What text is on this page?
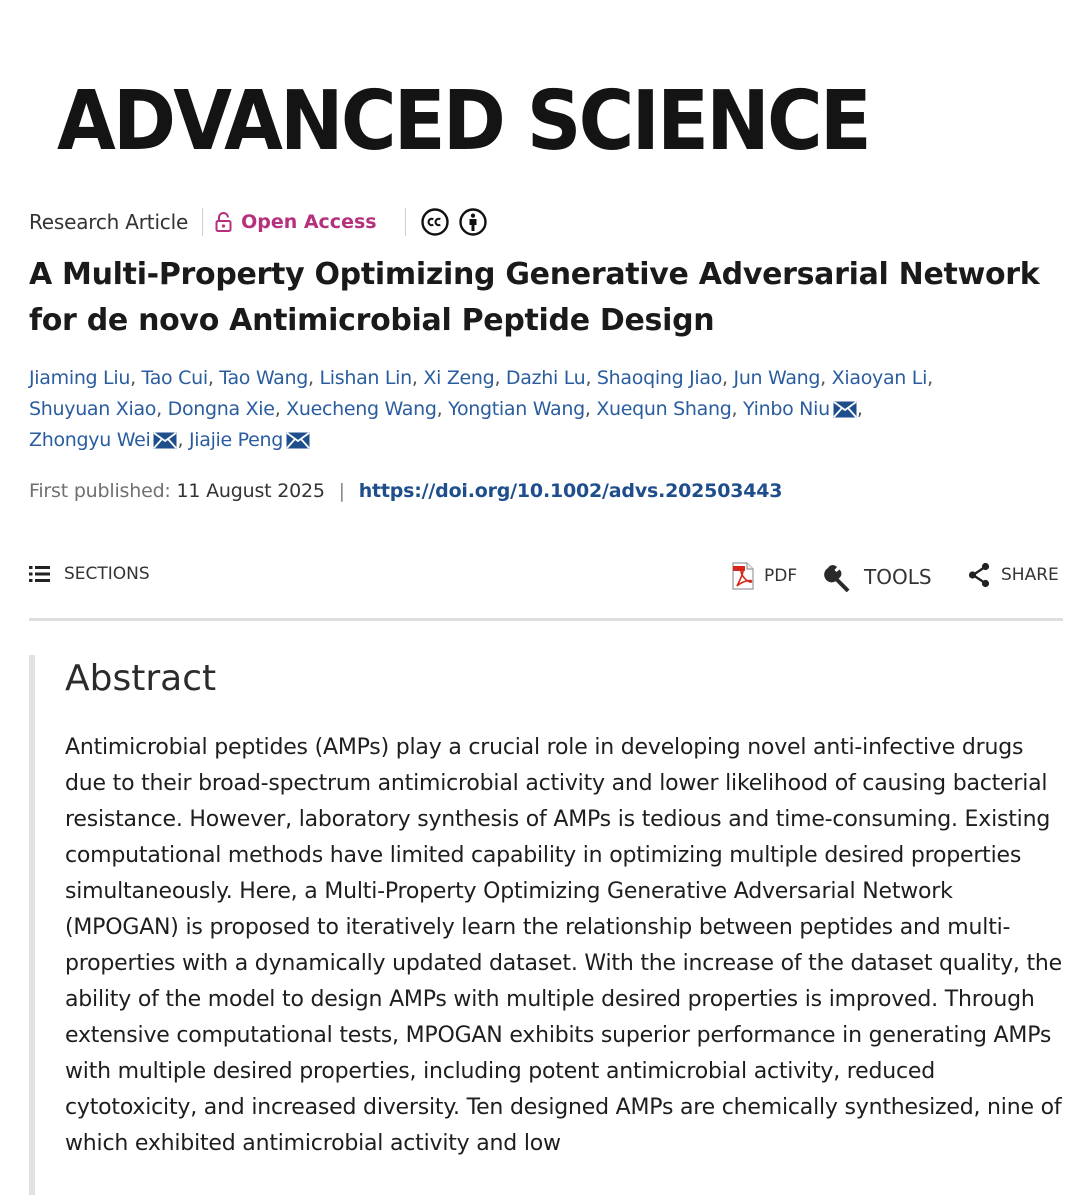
ADVANCED SCIENCE
Research Article	Open Access
A Multi-Property Optimizing Generative Adversarial Network for de novo Antimicrobial Peptide Design
Jiaming Liu, Tao Cui, Tao Wang, Lishan Lin, Xi Zeng, Dazhi Lu, Shaoqing Jiao, Jun Wang, Xiaoyan Li,
Shuyuan Xiao, Dongna Xie, Xuecheng Wang, Yongtian Wang, Xuequn Shang, Yinbo Niu ,
Zhongyu Wei , Jiajie Peng
First published: 11 August 2025 | https://doi.org/10.1002/advs.202503443
SECTIONS	PDF	TOOLS	SHARE
Abstract

Antimicrobial peptides (AMPs) play a crucial role in developing novel anti-infective drugs due to their broad-spectrum antimicrobial activity and lower likelihood of causing bacterial resistance. However, laboratory synthesis of AMPs is tedious and time-consuming. Existing computational methods have limited capability in optimizing multiple desired properties simultaneously. Here, a Multi-Property Optimizing Generative Adversarial Network (MPOGAN) is proposed to iteratively learn the relationship between peptides and multi-properties with a dynamically updated dataset. With the increase of the dataset quality, the ability of the model to design AMPs with multiple desired properties is improved. Through extensive computational tests, MPOGAN exhibits superior performance in generating AMPs with multiple desired properties, including potent antimicrobial activity, reduced cytotoxicity, and increased diversity. Ten designed AMPs are chemically synthesized, nine of which exhibited antimicrobial activity and low
